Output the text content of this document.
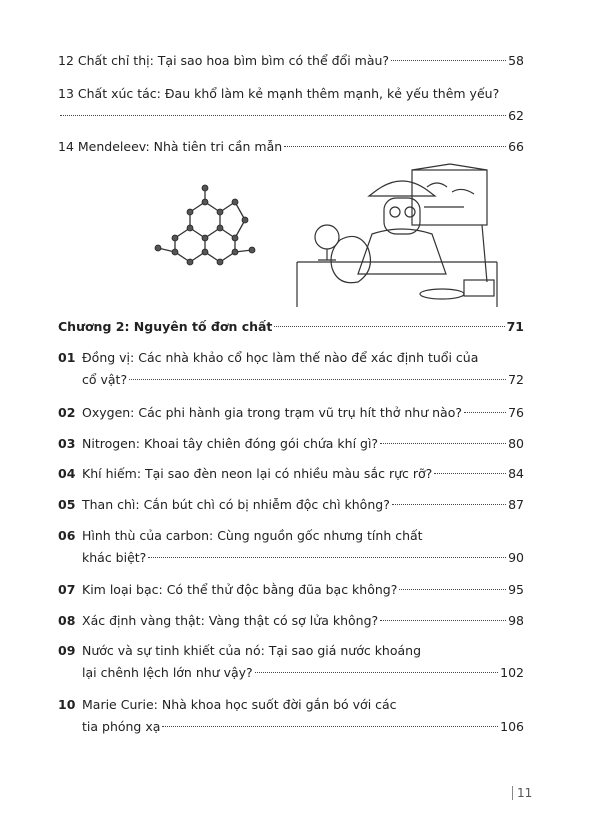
12 Chất chỉ thị: Tại sao hoa bìm bìm có thể đổi màu?	58
13 Chất xúc tác: Đau khổ làm kẻ mạnh thêm mạnh, kẻ yếu thêm yếu?
62
14 Mendeleev: Nhà tiên tri cần mẫn	66
Chương 2: Nguyên tố đơn chất	71
01 Đồng vị: Các nhà khảo cổ học làm thế nào để xác định tuổi của
cổ vật?	72
02 Oxygen: Các phi hành gia trong trạm vũ trụ hít thở như nào?	76
03 Nitrogen: Khoai tây chiên đóng gói chứa khí gì?	80
04 Khí hiếm: Tại sao đèn neon lại có nhiều màu sắc rực rỡ?	84
05 Than chì: Cắn bút chì có bị nhiễm độc chì không?	87
06 Hình thù của carbon: Cùng nguồn gốc nhưng tính chất
khác biệt?	90
07 Kim loại bạc: Có thể thử độc bằng đũa bạc không?	95
08 Xác định vàng thật: Vàng thật có sợ lửa không?	98
09 Nước và sự tinh khiết của nó: Tại sao giá nước khoáng
lại chênh lệch lớn như vậy?	102
10 Marie Curie: Nhà khoa học suốt đời gắn bó với các
tia phóng xạ	106
11
